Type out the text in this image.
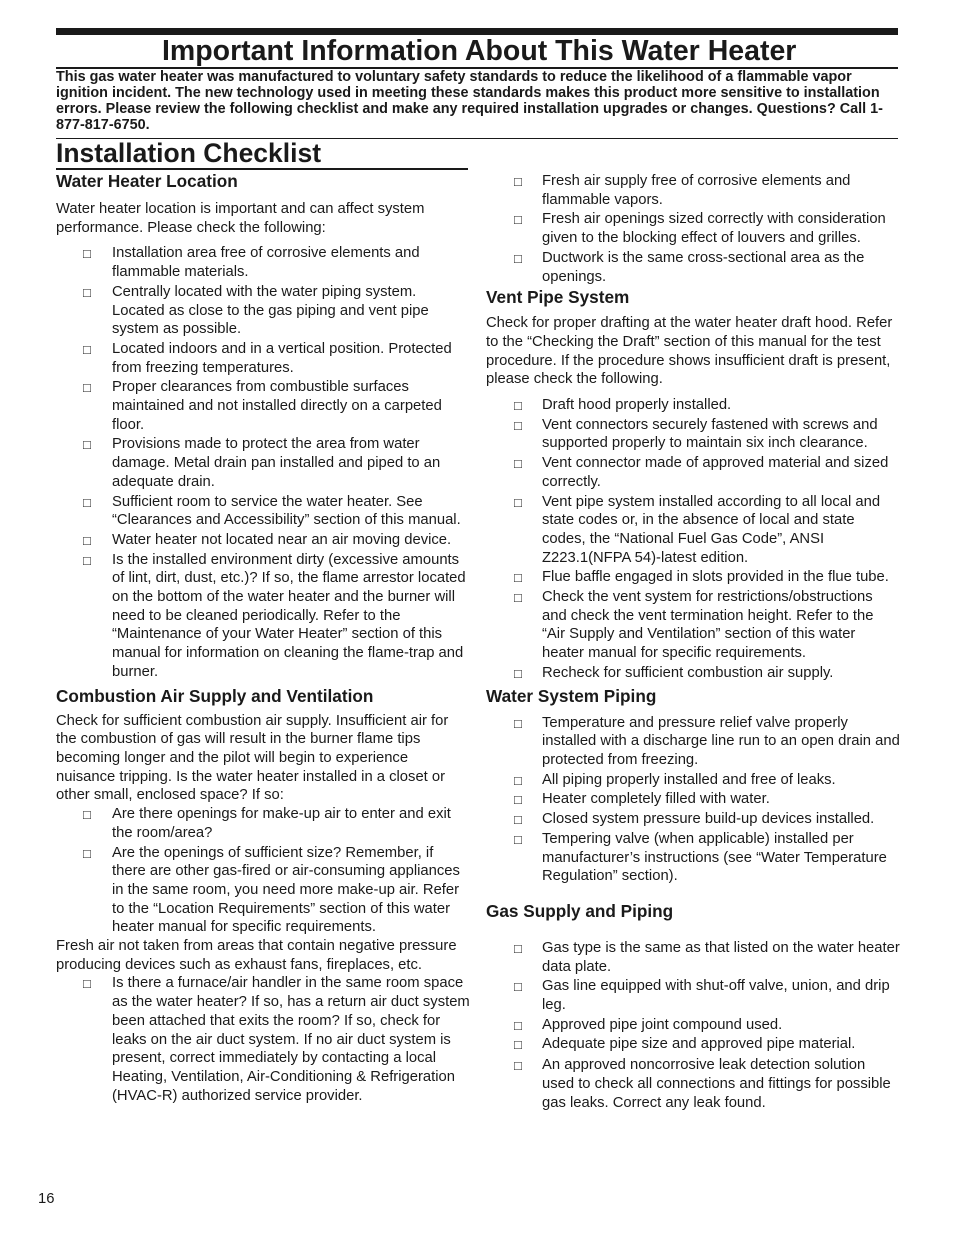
Important Information About This Water Heater

This gas water heater was manufactured to voluntary safety standards to reduce the likelihood of a flammable vapor ignition incident. The new technology used in meeting these standards makes this product more sensitive to installation errors. Please review the following checklist and make any required installation upgrades or changes. Questions? Call 1-877-817-6750.

Installation Checklist
Water Heater Location

Water heater location is important and can affect system performance. Please check the following:

□ Installation area free of corrosive elements and flammable materials.
□ Centrally located with the water piping system. Located as close to the gas piping and vent pipe system as possible.
□ Located indoors and in a vertical position. Protected from freezing temperatures.
□ Proper clearances from combustible surfaces maintained and not installed directly on a carpeted floor.
□ Provisions made to protect the area from water damage. Metal drain pan installed and piped to an adequate drain.
□ Sufficient room to service the water heater. See “Clearances and Accessibility” section of this manual.
□ Water heater not located near an air moving device.
□ Is the installed environment dirty (excessive amounts of lint, dirt, dust, etc.)? If so, the flame arrestor located on the bottom of the water heater and the burner will need to be cleaned periodically. Refer to the “Maintenance of your Water Heater” section of this manual for information on cleaning the flame-trap and burner.
Combustion Air Supply and Ventilation

Check for sufficient combustion air supply. Insufficient air for the combustion of gas will result in the burner flame tips becoming longer and the pilot will begin to experience nuisance tripping. Is the water heater installed in a closet or other small, enclosed space? If so:

□ Are there openings for make-up air to enter and exit the room/area?
□ Are the openings of sufficient size? Remember, if there are other gas-fired or air-consuming appliances in the same room, you need more make-up air. Refer to the “Location Requirements” section of this water heater manual for specific requirements.

Fresh air not taken from areas that contain negative pressure producing devices such as exhaust fans, fireplaces, etc.

□ Is there a furnace/air handler in the same room space as the water heater? If so, has a return air duct system been attached that exits the room? If so, check for leaks on the air duct system. If no air duct system is present, correct immediately by contacting a local Heating, Ventilation, Air-Conditioning & Refrigeration (HVAC-R) authorized service provider.
□ Fresh air supply free of corrosive elements and flammable vapors.
□ Fresh air openings sized correctly with consideration given to the blocking effect of louvers and grilles.
□ Ductwork is the same cross-sectional area as the openings.
Vent Pipe System

Check for proper drafting at the water heater draft hood. Refer to the “Checking the Draft” section of this manual for the test procedure. If the procedure shows insufficient draft is present, please check the following.

□ Draft hood properly installed.
□ Vent connectors securely fastened with screws and supported properly to maintain six inch clearance.
□ Vent connector made of approved material and sized correctly.
□ Vent pipe system installed according to all local and state codes or, in the absence of local and state codes, the “National Fuel Gas Code”, ANSI Z223.1(NFPA 54)-latest edition.
□ Flue baffle engaged in slots provided in the flue tube.
□ Check the vent system for restrictions/obstructions and check the vent termination height. Refer to the “Air Supply and Ventilation” section of this water heater manual for specific requirements.
□ Recheck for sufficient combustion air supply.
Water System Piping
□ Temperature and pressure relief valve properly installed with a discharge line run to an open drain and protected from freezing.
□ All piping properly installed and free of leaks.
□ Heater completely filled with water.
□ Closed system pressure build-up devices installed.
□ Tempering valve (when applicable) installed per manufacturer’s instructions (see “Water Temperature Regulation” section).
Gas Supply and Piping
□ Gas type is the same as that listed on the water heater data plate.
□ Gas line equipped with shut-off valve, union, and drip leg.
□ Approved pipe joint compound used.
□ Adequate pipe size and approved pipe material.
□ An approved noncorrosive leak detection solution used to check all connections and fittings for possible gas leaks. Correct any leak found.
16
